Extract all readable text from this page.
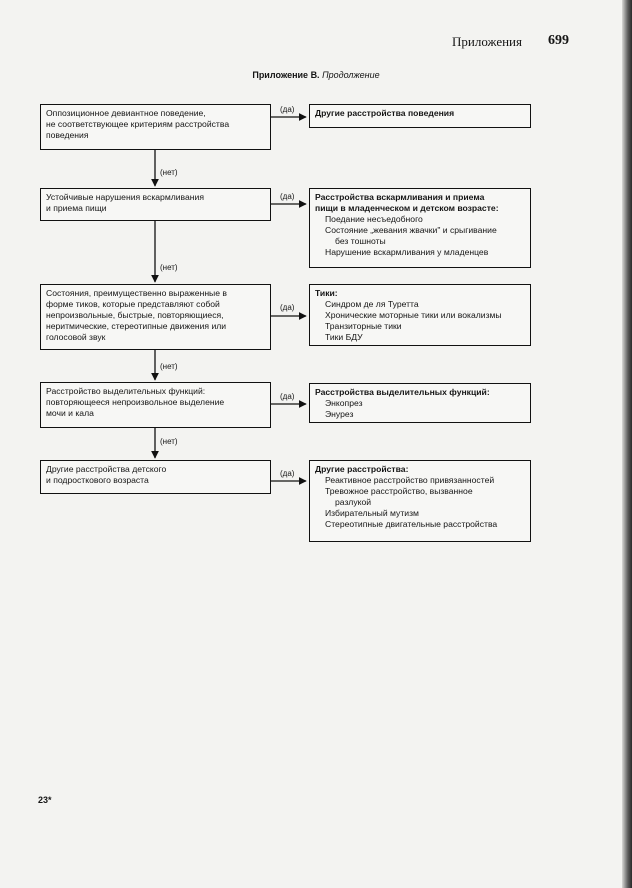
Приложения 699
Приложение В. Продолжение
(да)
(да)
(да)
(да)
(да)
(нет)
(нет)
(нет)
(нет)
Оппозиционное девиантное поведение,
не соответствующее критериям расстройства
поведения
Другие расстройства поведения
Устойчивые нарушения вскармливания
и приема пищи
Расстройства вскармливания и приема
пищи в младенческом и детском возрасте:
Поедание несъедобного
Состояние „жевания жвачки" и срыгивание
без тошноты
Нарушение вскармливания у младенцев
Состояния, преимущественно выраженные в
форме тиков, которые представляют собой
непроизвольные, быстрые, повторяющиеся,
неритмические, стереотипные движения или
голосовой звук
Тики:
Синдром де ля Туретта
Хронические моторные тики или вокализмы
Транзиторные тики
Тики БДУ
Расстройство выделительных функций:
повторяющееся непроизвольное выделение
мочи и кала
Расстройства выделительных функций:
Энкопрез
Энурез
Другие расстройства детского
и подросткового возраста
Другие расстройства:
Реактивное расстройство привязанностей
Тревожное расстройство, вызванное
разлукой
Избирательный мутизм
Стереотипные двигательные расстройства
23*
